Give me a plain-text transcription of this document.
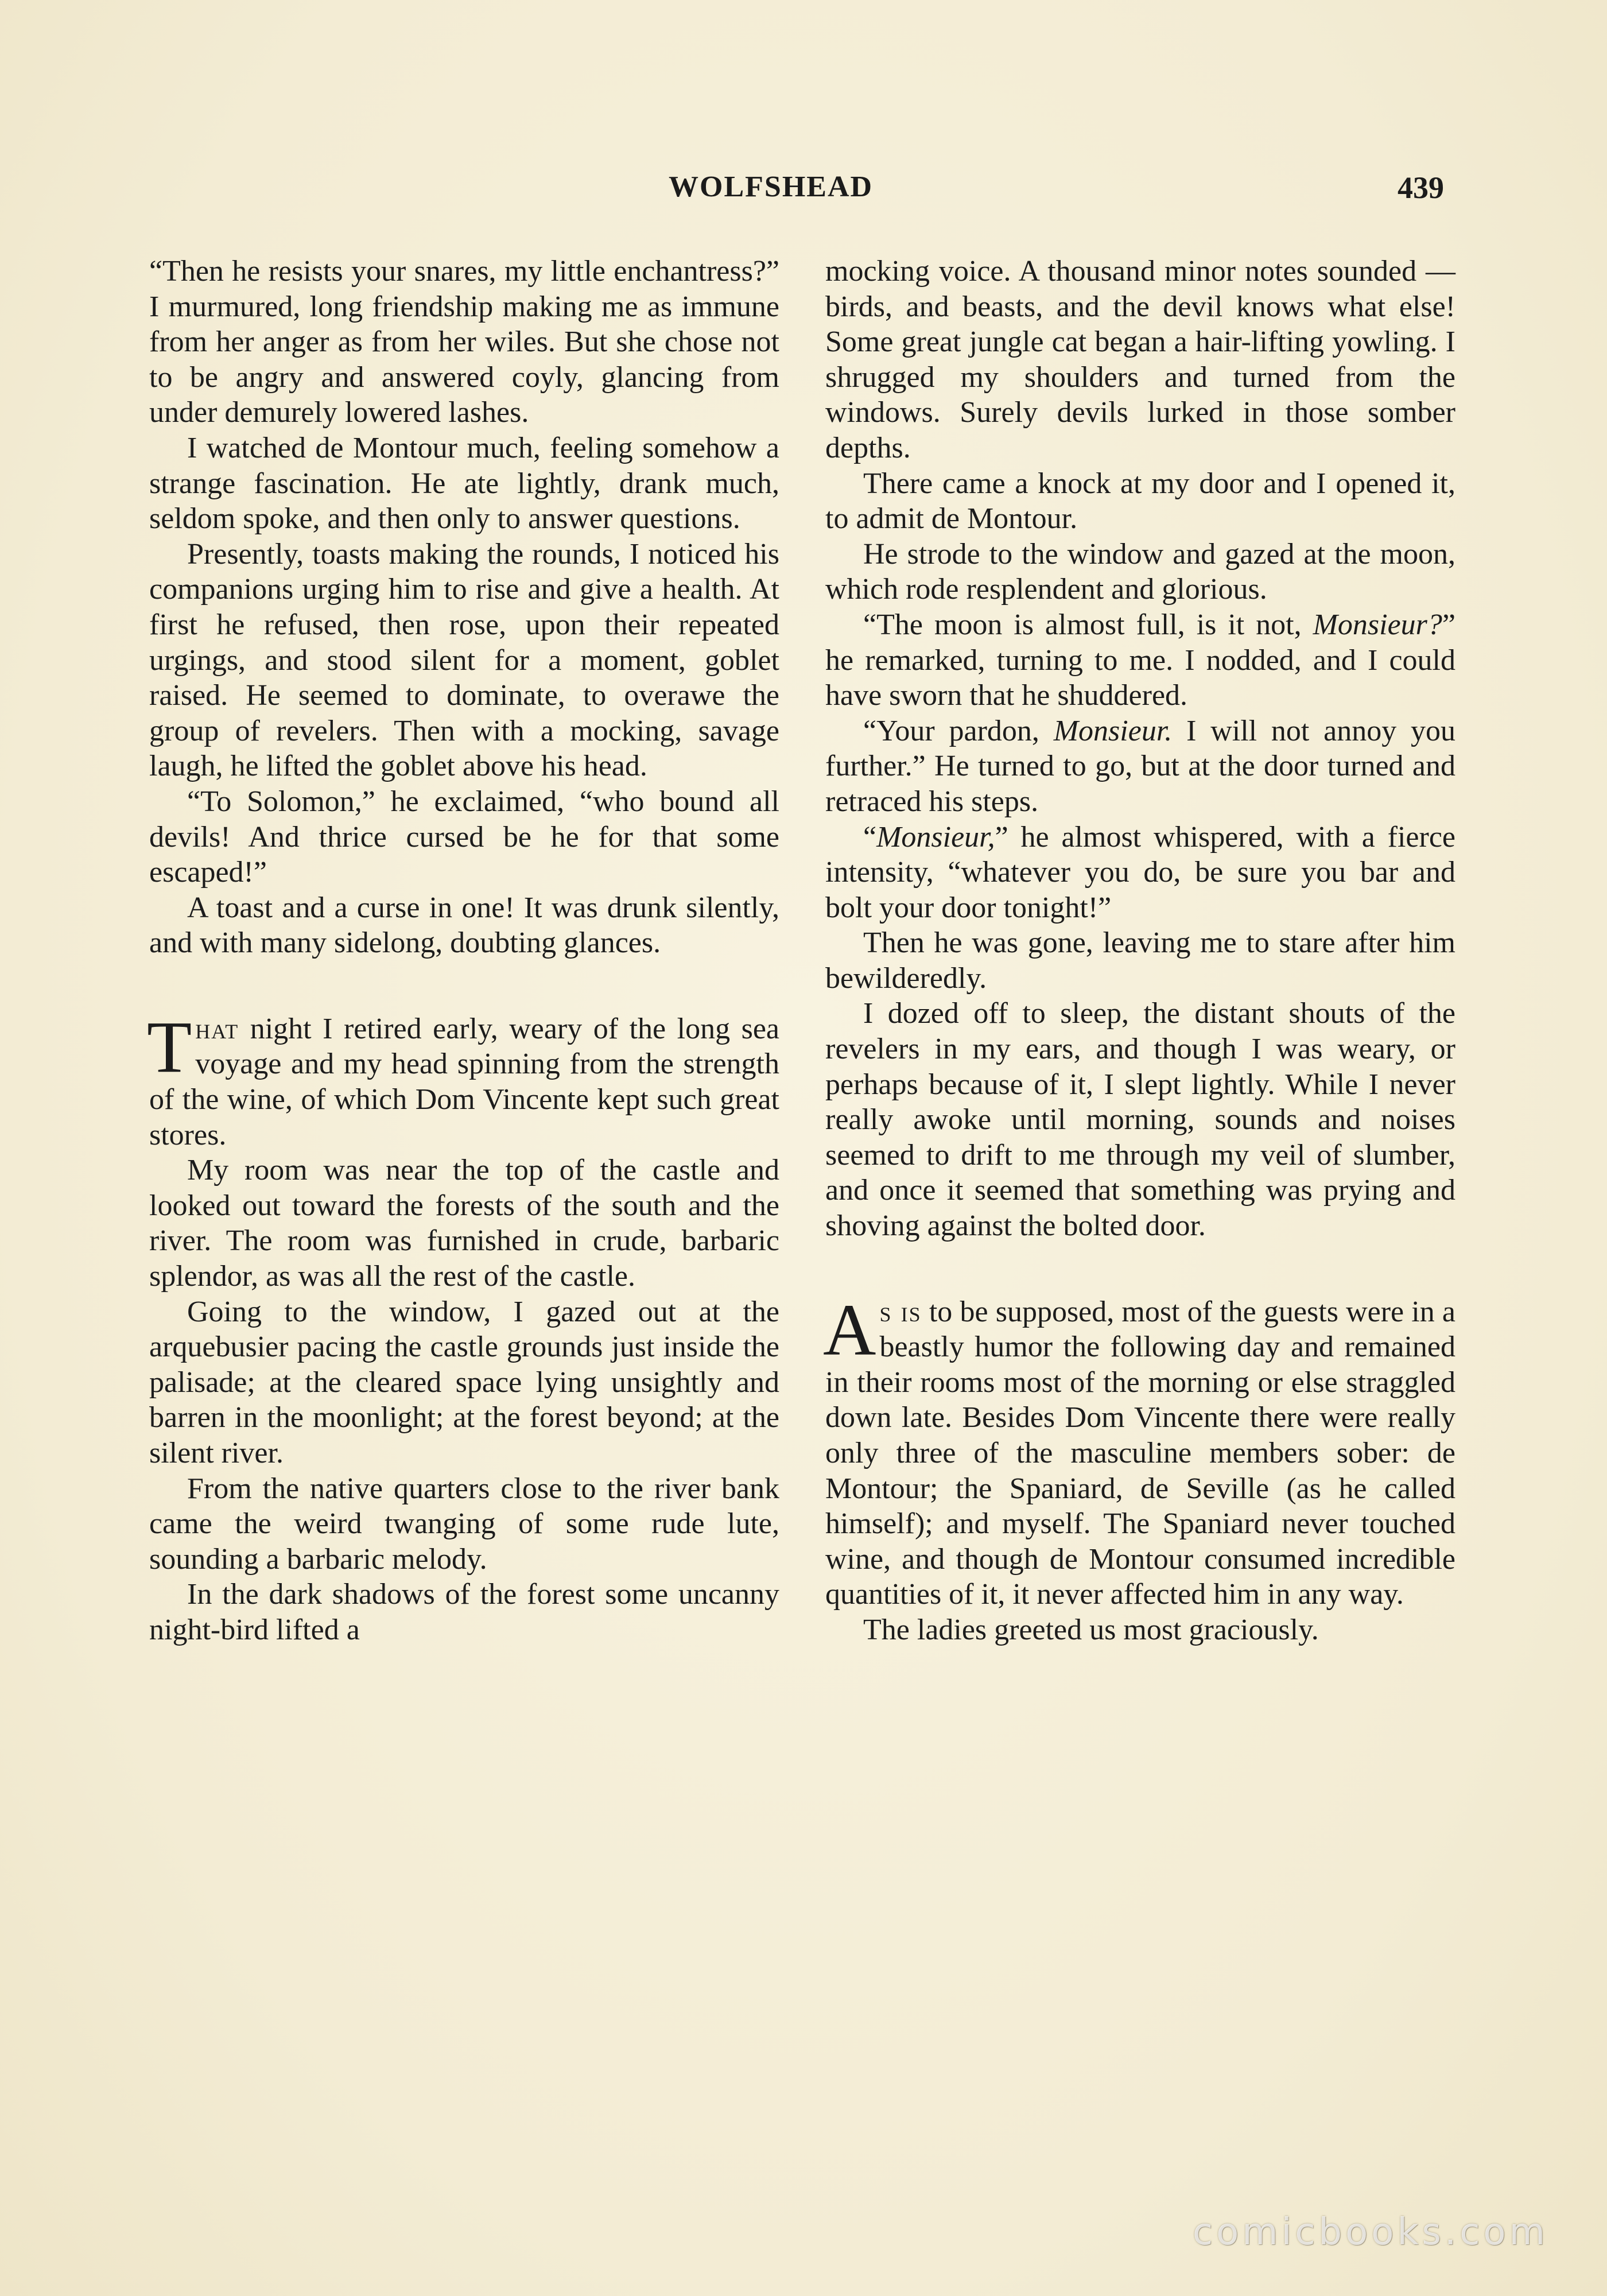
WOLFSHEAD	439

“Then he resists your snares, my little enchantress?” I murmured, long friendship making me as immune from her anger as from her wiles. But she chose not to be angry and answered coyly, glancing from under demurely lowered lashes.

I watched de Montour much, feeling somehow a strange fascination. He ate lightly, drank much, seldom spoke, and then only to answer questions.

Presently, toasts making the rounds, I noticed his companions urging him to rise and give a health. At first he refused, then rose, upon their repeated urgings, and stood silent for a moment, goblet raised. He seemed to dominate, to overawe the group of revelers. Then with a mocking, savage laugh, he lifted the goblet above his head.

“To Solomon,” he exclaimed, “who bound all devils! And thrice cursed be he for that some escaped!”

A toast and a curse in one! It was drunk silently, and with many sidelong, doubting glances.

That night I retired early, weary of the long sea voyage and my head spinning from the strength of the wine, of which Dom Vincente kept such great stores.

My room was near the top of the castle and looked out toward the forests of the south and the river. The room was furnished in crude, barbaric splendor, as was all the rest of the castle.

Going to the window, I gazed out at the arquebusier pacing the castle grounds just inside the palisade; at the cleared space lying unsightly and barren in the moonlight; at the forest beyond; at the silent river.

From the native quarters close to the river bank came the weird twanging of some rude lute, sounding a barbaric melody.

In the dark shadows of the forest some uncanny night-bird lifted a

mocking voice. A thousand minor notes sounded — birds, and beasts, and the devil knows what else! Some great jungle cat began a hair-lifting yowling. I shrugged my shoulders and turned from the windows. Surely devils lurked in those somber depths.

There came a knock at my door and I opened it, to admit de Montour.

He strode to the window and gazed at the moon, which rode resplendent and glorious.

“The moon is almost full, is it not, Monsieur?” he remarked, turning to me. I nodded, and I could have sworn that he shuddered.

“Your pardon, Monsieur. I will not annoy you further.” He turned to go, but at the door turned and retraced his steps.

“Monsieur,” he almost whispered, with a fierce intensity, “whatever you do, be sure you bar and bolt your door tonight!”

Then he was gone, leaving me to stare after him bewilderedly.

I dozed off to sleep, the distant shouts of the revelers in my ears, and though I was weary, or perhaps because of it, I slept lightly. While I never really awoke until morning, sounds and noises seemed to drift to me through my veil of slumber, and once it seemed that something was prying and shoving against the bolted door.

As is to be supposed, most of the guests were in a beastly humor the following day and remained in their rooms most of the morning or else straggled down late. Besides Dom Vincente there were really only three of the masculine members sober: de Montour; the Spaniard, de Seville (as he called himself); and myself. The Spaniard never touched wine, and though de Montour consumed incredible quantities of it, it never affected him in any way.

The ladies greeted us most graciously.

comicbooks.com
